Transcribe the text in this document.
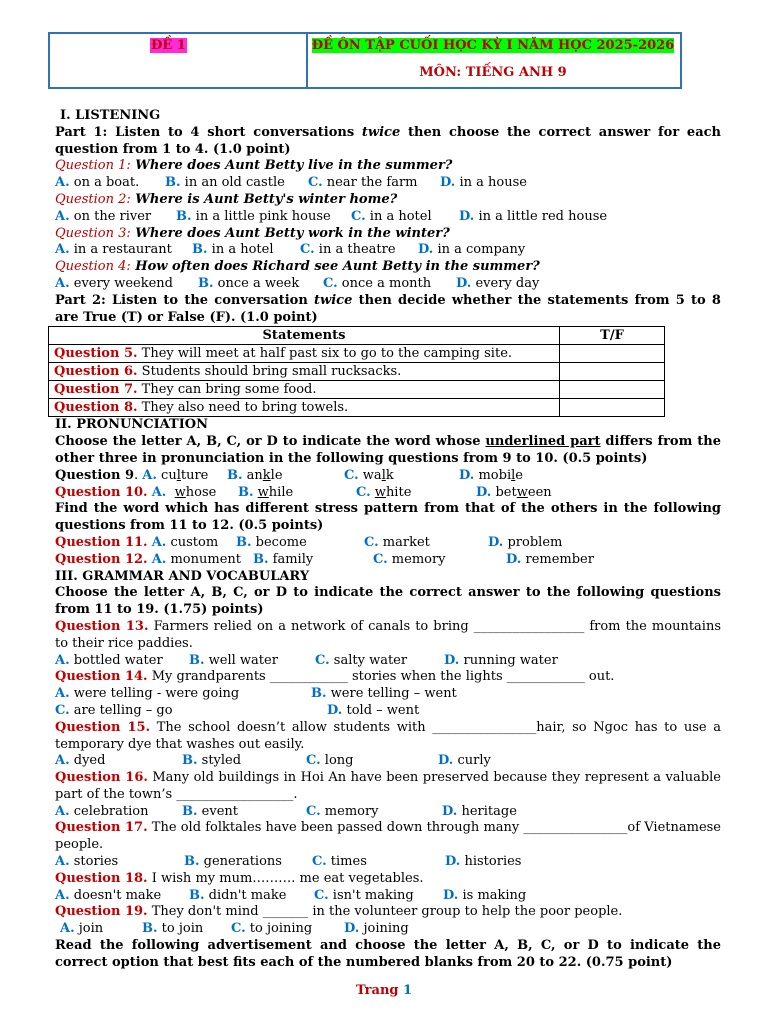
ĐỀ 1	ĐỀ ÔN TẬP CUỐI HỌC KỲ I NĂM HỌC 2025-2026
MÔN: TIẾNG ANH 9

I. LISTENING

Part 1: Listen to 4 short conversations twice then choose the correct answer for each question from 1 to 4. (1.0 point)

Question 1: Where does Aunt Betty live in the summer?

A. on a boat.	B. in an old castle	C. near the farm	D. in a house

Question 2: Where is Aunt Betty's winter home?

A. on the river	B. in a little pink house	C. in a hotel	D. in a little red house

Question 3: Where does Aunt Betty work in the winter?

A. in a restaurant	B. in a hotel	C. in a theatre	D. in a company

Question 4: How often does Richard see Aunt Betty in the summer?

A. every weekend	B. once a week	C. once a month	D. every day

Part 2: Listen to the conversation twice then decide whether the statements from 5 to 8 are True (T) or False (F). (1.0 point)

Statements	T/F
Question 5. They will meet at half past six to go to the camping site.	
Question 6. Students should bring small rucksacks.	
Question 7. They can bring some food.	
Question 8. They also need to bring towels.	

II. PRONUNCIATION

Choose the letter A, B, C, or D to indicate the word whose underlined part differs from the other three in pronunciation in the following questions from 9 to 10. (0.5 points)

Question 9. A. culture	B. ankle	C. walk	D. mobile

Question 10. A. whose	B. while	C. white	D. between

Find the word which has different stress pattern from that of the others in the following questions from 11 to 12. (0.5 points)

Question 11. A. custom	B. become	C. market	D. problem

Question 12. A. monument B. family	C. memory	D. remember

III. GRAMMAR AND VOCABULARY

Choose the letter A, B, C, or D to indicate the correct answer to the following questions from 11 to 19. (1.75) points)

Question 13. Farmers relied on a network of canals to bring _________________ from the mountains to their rice paddies.

A. bottled water	B. well water	C. salty water	D. running water

Question 14. My grandparents ____________ stories when the lights ____________ out.

A. were telling - were going	B. were telling – went

C. are telling – go	D. told – went

Question 15. The school doesn’t allow students with ________________hair, so Ngoc has to use a temporary dye that washes out easily.

A. dyed	B. styled	C. long	D. curly

Question 16. Many old buildings in Hoi An have been preserved because they represent a valuable part of the town’s __________________.

A. celebration	B. event	C. memory	D. heritage

Question 17. The old folktales have been passed down through many ________________of Vietnamese people.

A. stories	B. generations	C. times	D. histories

Question 18. I wish my mum………. me eat vegetables.

A. doesn't make	B. didn't make	C. isn't making	D. is making

Question 19. They don't mind _______ in the volunteer group to help the poor people.

A. join	B. to join	C. to joining	D. joining

Read the following advertisement and choose the letter A, B, C, or D to indicate the correct option that best fits each of the numbered blanks from 20 to 22. (0.75 point)

Trang 1
